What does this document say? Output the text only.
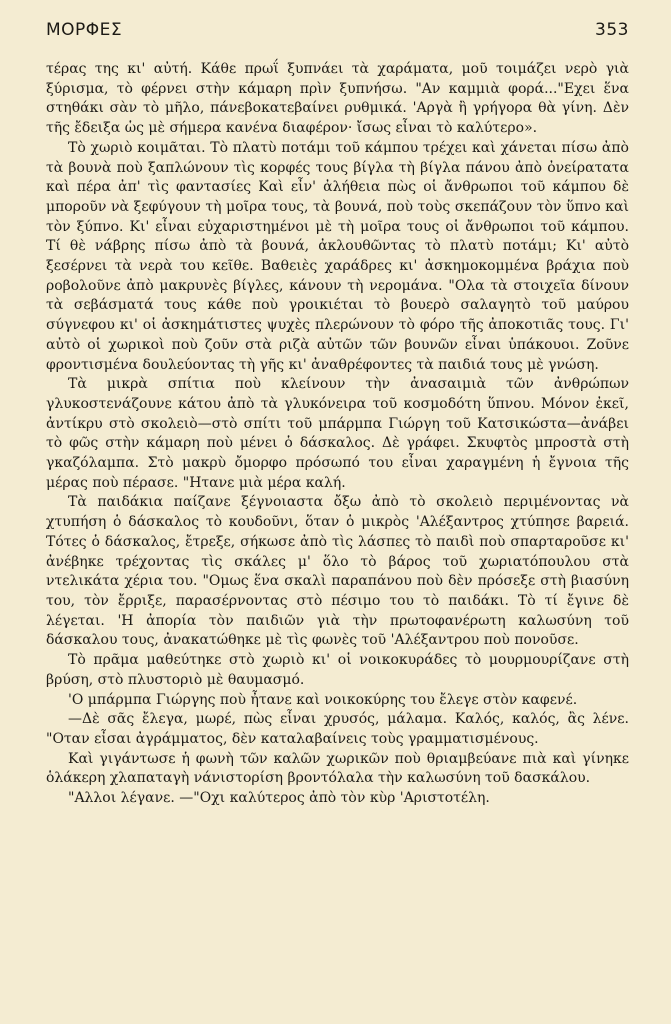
ΜΟΡΦΕΣ	353

τέρας της κι' αὐτή. Κάθε πρωΐ ξυπνάει τὰ χαράματα, μοῦ τοιμάζει νερὸ γιὰ ξύρισμα, τὸ φέρνει στὴν κάμαρη πρὶν ξυπνήσω. "Αν καμμιὰ φορά..."Εχει ἕνα στηθάκι σὰν τὸ μῆλο, πάνεβοκατεβαίνει ρυθμικά. 'Αργὰ ἢ γρήγορα θὰ γίνη. Δὲν τῆς ἔδειξα ὡς μὲ σήμερα κανένα διαφέρον· ἴσως εἶναι τὸ καλύτερο».

Τὸ χωριὸ κοιμᾶται. Τὸ πλατὺ ποτάμι τοῦ κάμπου τρέχει καὶ χάνεται πίσω ἀπὸ τὰ βουνὰ ποὺ ξαπλώνουν τὶς κορφές τους βίγλα τὴ βίγλα πάνου ἀπὸ ὀνείρατατα καὶ πέρα ἀπ' τὶς φαντασίες Καὶ εἶν' ἀλήθεια πὼς οἱ ἄνθρωποι τοῦ κάμπου δὲ μποροῦν νὰ ξεφύγουν τὴ μοῖρα τους, τὰ βουνά, ποὺ τοὺς σκεπάζουν τὸν ὕπνο καὶ τὸν ξύπνο. Κι' εἶναι εὐχαριστημένοι μὲ τὴ μοῖρα τους οἱ ἄνθρωποι τοῦ κάμπου. Τί θὲ νάβρης πίσω ἀπὸ τὰ βουνά, ἀκλουθῶντας τὸ πλατὺ ποτάμι; Κι' αὐτὸ ξεσέρνει τὰ νερὰ του κεῖθε. Βαθειὲς χαράδρες κι' ἀσκημοκομμένα βράχια ποὺ ροβολοῦνε ἀπὸ μακρυνὲς βίγλες, κάνουν τὴ νερομάνα. "Ολα τὰ στοιχεῖα δίνουν τὰ σεβάσματά τους κάθε ποὺ γροικιέται τὸ βουερὸ σαλαγητὸ τοῦ μαύρου σύγνεφου κι' οἱ ἀσκημάτιστες ψυχὲς πλερώνουν τὸ φόρο τῆς ἀποκοτιᾶς τους. Γι' αὐτὸ οἱ χωρικοὶ ποὺ ζοῦν στὰ ριζὰ αὐτῶν τῶν βουνῶν εἶναι ὑπάκουοι. Ζοῦνε φροντισμένα δουλεύοντας τὴ γῆς κι' ἀναθρέφοντες τὰ παιδιά τους μὲ γνώση.

Τὰ μικρὰ σπίτια ποὺ κλείνουν τὴν ἀνασαιμιὰ τῶν ἀνθρώπων γλυκοστενάζουνε κάτου ἀπὸ τὰ γλυκόνειρα τοῦ κοσμοδότη ὕπνου. Μόνον ἐκεῖ, ἀντίκρυ στὸ σκολειὸ—στὸ σπίτι τοῦ μπάρμπα Γιώργη τοῦ Κατσικώστα—ἀνάβει τὸ φῶς στὴν κάμαρη ποὺ μένει ὁ δάσκαλος. Δὲ γράφει. Σκυφτὸς μπροστὰ στὴ γκαζόλαμπα. Στὸ μακρὺ ὄμορφο πρόσωπό του εἶναι χαραγμένη ἡ ἔγνοια τῆς μέρας ποὺ πέρασε. "Ητανε μιὰ μέρα καλή.

Τὰ παιδάκια παίζανε ξέγνοιαστα ὄξω ἀπὸ τὸ σκολειὸ περιμένοντας νὰ χτυπήση ὁ δάσκαλος τὸ κουδοῦνι, ὅταν ὁ μικρὸς 'Αλέξαντρος χτύπησε βαρειά. Τότες ὁ δάσκαλος, ἔτρεξε, σήκωσε ἀπὸ τὶς λάσπες τὸ παιδὶ ποὺ σπαρταροῦσε κι' ἀνέβηκε τρέχοντας τὶς σκάλες μ' ὅλο τὸ βάρος τοῦ χωριατόπουλου στὰ ντελικάτα χέρια του. "Ομως ἕνα σκαλὶ παραπάνου ποὺ δὲν πρόσεξε στὴ βιασύνη του, τὸν ἔρριξε, παρασέρνοντας στὸ πέσιμο του τὸ παιδάκι. Τὸ τί ἔγινε δὲ λέγεται. 'Η ἀπορία τὸν παιδιῶν γιὰ τὴν πρωτοφανέρωτη καλωσύνη τοῦ δάσκαλου τους, ἀνακατώθηκε μὲ τὶς φωνὲς τοῦ 'Αλέξαντρου ποὺ πονοῦσε.

Τὸ πρᾶμα μαθεύτηκε στὸ χωριὸ κι' οἱ νοικοκυράδες τὸ μουρμουρίζανε στὴ βρύση, στὸ πλυστοριὸ μὲ θαυμασμό.

'Ο μπάρμπα Γιώργης ποὺ ἦτανε καὶ νοικοκύρης του ἔλεγε στὸν καφενέ.

—Δὲ σᾶς ἔλεγα, μωρέ, πὼς εἶναι χρυσός, μάλαμα. Καλός, καλός, ἂς λένε. "Οταν εἶσαι ἀγράμματος, δὲν καταλαβαίνεις τοὺς γραμματισμένους.

Καὶ γιγάντωσε ἡ φωνὴ τῶν καλῶν χωρικῶν ποὺ θριαμβεύανε πιὰ καὶ γίνηκε ὁλάκερη χλαπαταγὴ νάνιστορίση βροντόλαλα τὴν καλωσύνη τοῦ δασκάλου.

"Αλλοι λέγανε. —"Οχι καλύτερος ἀπὸ τὸν κὺρ 'Αριστοτέλη.
